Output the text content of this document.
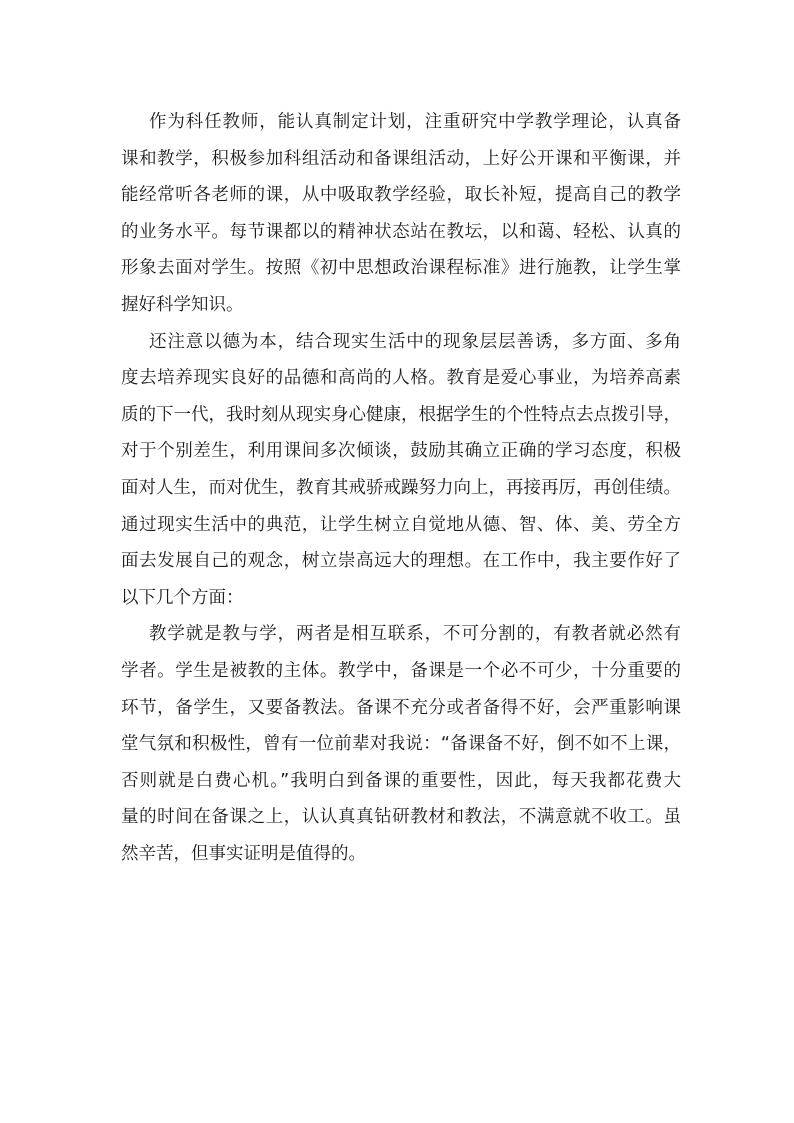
作为科任教师，能认真制定计划，注重研究中学教学理论，认真备
课和教学，积极参加科组活动和备课组活动，上好公开课和平衡课，并
能经常听各老师的课，从中吸取教学经验，取长补短，提高自己的教学
的业务水平。每节课都以的精神状态站在教坛，以和蔼、轻松、认真的
形象去面对学生。按照《初中思想政治课程标准》进行施教，让学生掌
握好科学知识。
还注意以德为本，结合现实生活中的现象层层善诱，多方面、多角
度去培养现实良好的品德和高尚的人格。教育是爱心事业，为培养高素
质的下一代，我时刻从现实身心健康，根据学生的个性特点去点拨引导，
对于个别差生，利用课间多次倾谈，鼓励其确立正确的学习态度，积极
面对人生，而对优生，教育其戒骄戒躁努力向上，再接再厉，再创佳绩。
通过现实生活中的典范，让学生树立自觉地从德、智、体、美、劳全方
面去发展自己的观念，树立崇高远大的理想。在工作中，我主要作好了
以下几个方面：
教学就是教与学，两者是相互联系，不可分割的，有教者就必然有
学者。学生是被教的主体。教学中，备课是一个必不可少，十分重要的
环节，备学生，又要备教法。备课不充分或者备得不好，会严重影响课
堂气氛和积极性，曾有一位前辈对我说：“备课备不好，倒不如不上课，
否则就是白费心机。”我明白到备课的重要性，因此，每天我都花费大
量的时间在备课之上，认认真真钻研教材和教法，不满意就不收工。虽
然辛苦，但事实证明是值得的。
